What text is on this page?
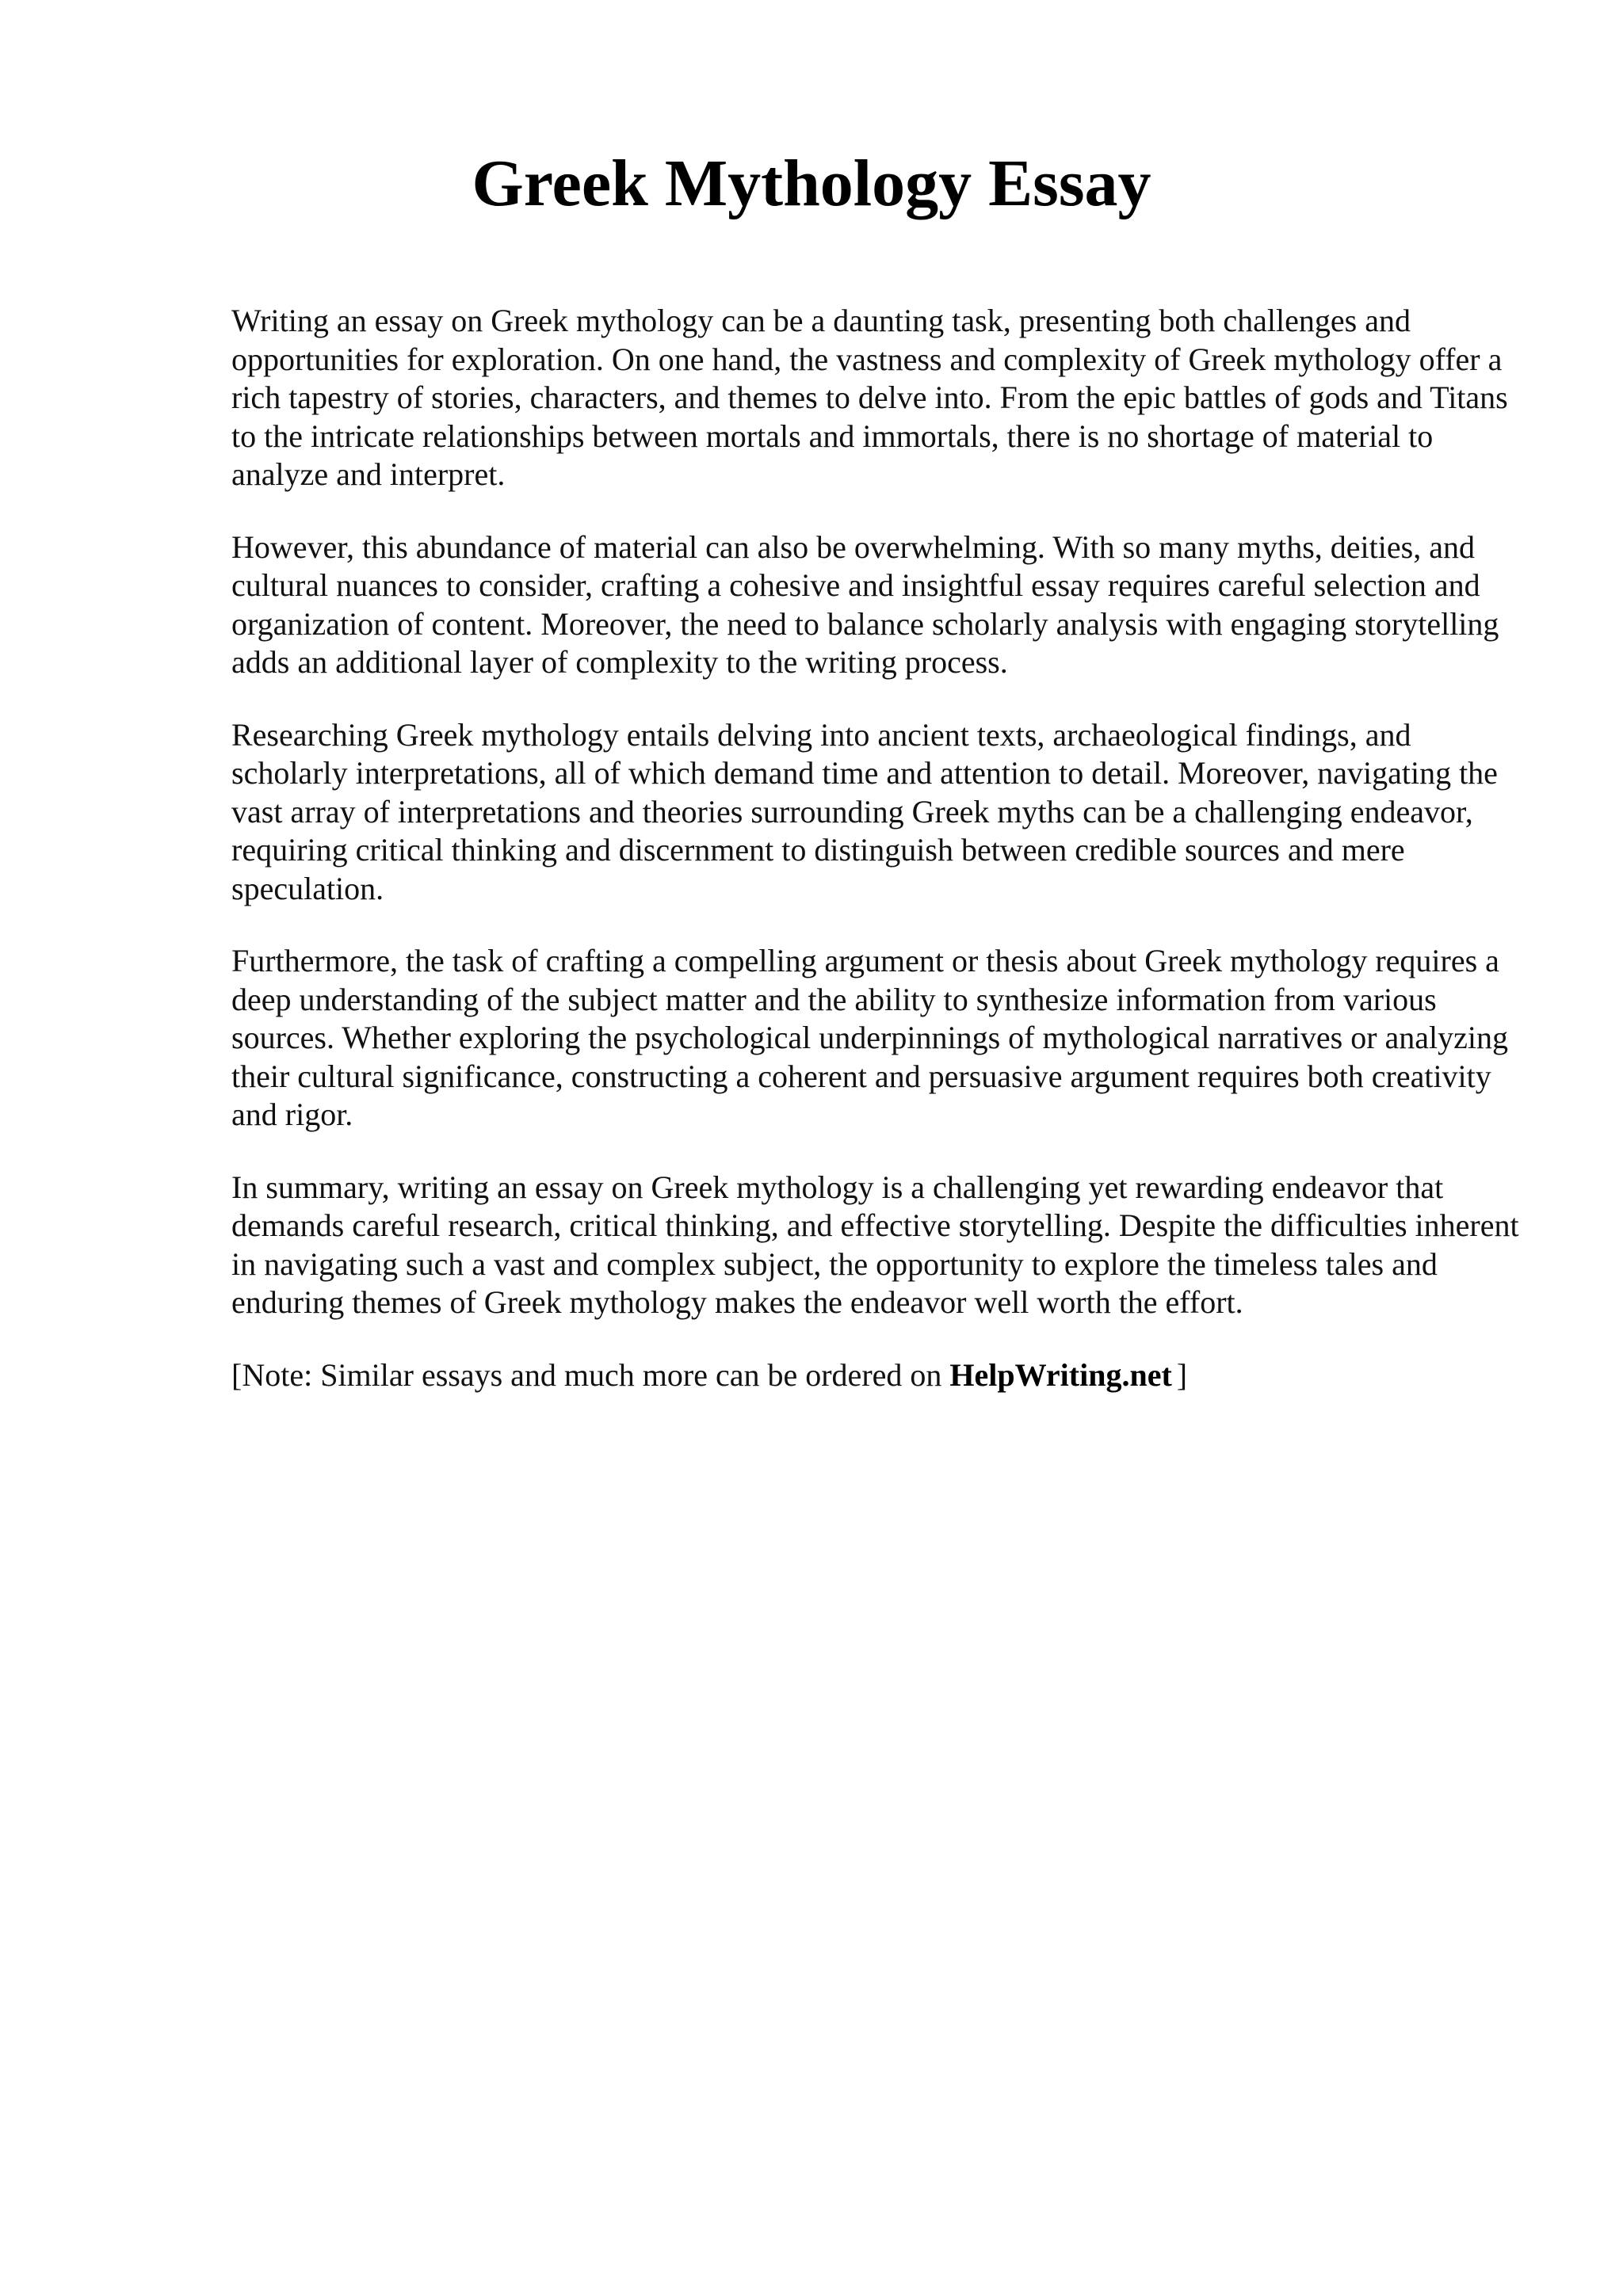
Greek Mythology Essay

Writing an essay on Greek mythology can be a daunting task, presenting both challenges and opportunities for exploration. On one hand, the vastness and complexity of Greek mythology offer a rich tapestry of stories, characters, and themes to delve into. From the epic battles of gods and Titans to the intricate relationships between mortals and immortals, there is no shortage of material to analyze and interpret.

However, this abundance of material can also be overwhelming. With so many myths, deities, and cultural nuances to consider, crafting a cohesive and insightful essay requires careful selection and organization of content. Moreover, the need to balance scholarly analysis with engaging storytelling adds an additional layer of complexity to the writing process.

Researching Greek mythology entails delving into ancient texts, archaeological findings, and scholarly interpretations, all of which demand time and attention to detail. Moreover, navigating the vast array of interpretations and theories surrounding Greek myths can be a challenging endeavor, requiring critical thinking and discernment to distinguish between credible sources and mere speculation.

Furthermore, the task of crafting a compelling argument or thesis about Greek mythology requires a deep understanding of the subject matter and the ability to synthesize information from various sources. Whether exploring the psychological underpinnings of mythological narratives or analyzing their cultural significance, constructing a coherent and persuasive argument requires both creativity and rigor.

In summary, writing an essay on Greek mythology is a challenging yet rewarding endeavor that demands careful research, critical thinking, and effective storytelling. Despite the difficulties inherent in navigating such a vast and complex subject, the opportunity to explore the timeless tales and enduring themes of Greek mythology makes the endeavor well worth the effort.

[Note: Similar essays and much more can be ordered on HelpWriting.net ]
